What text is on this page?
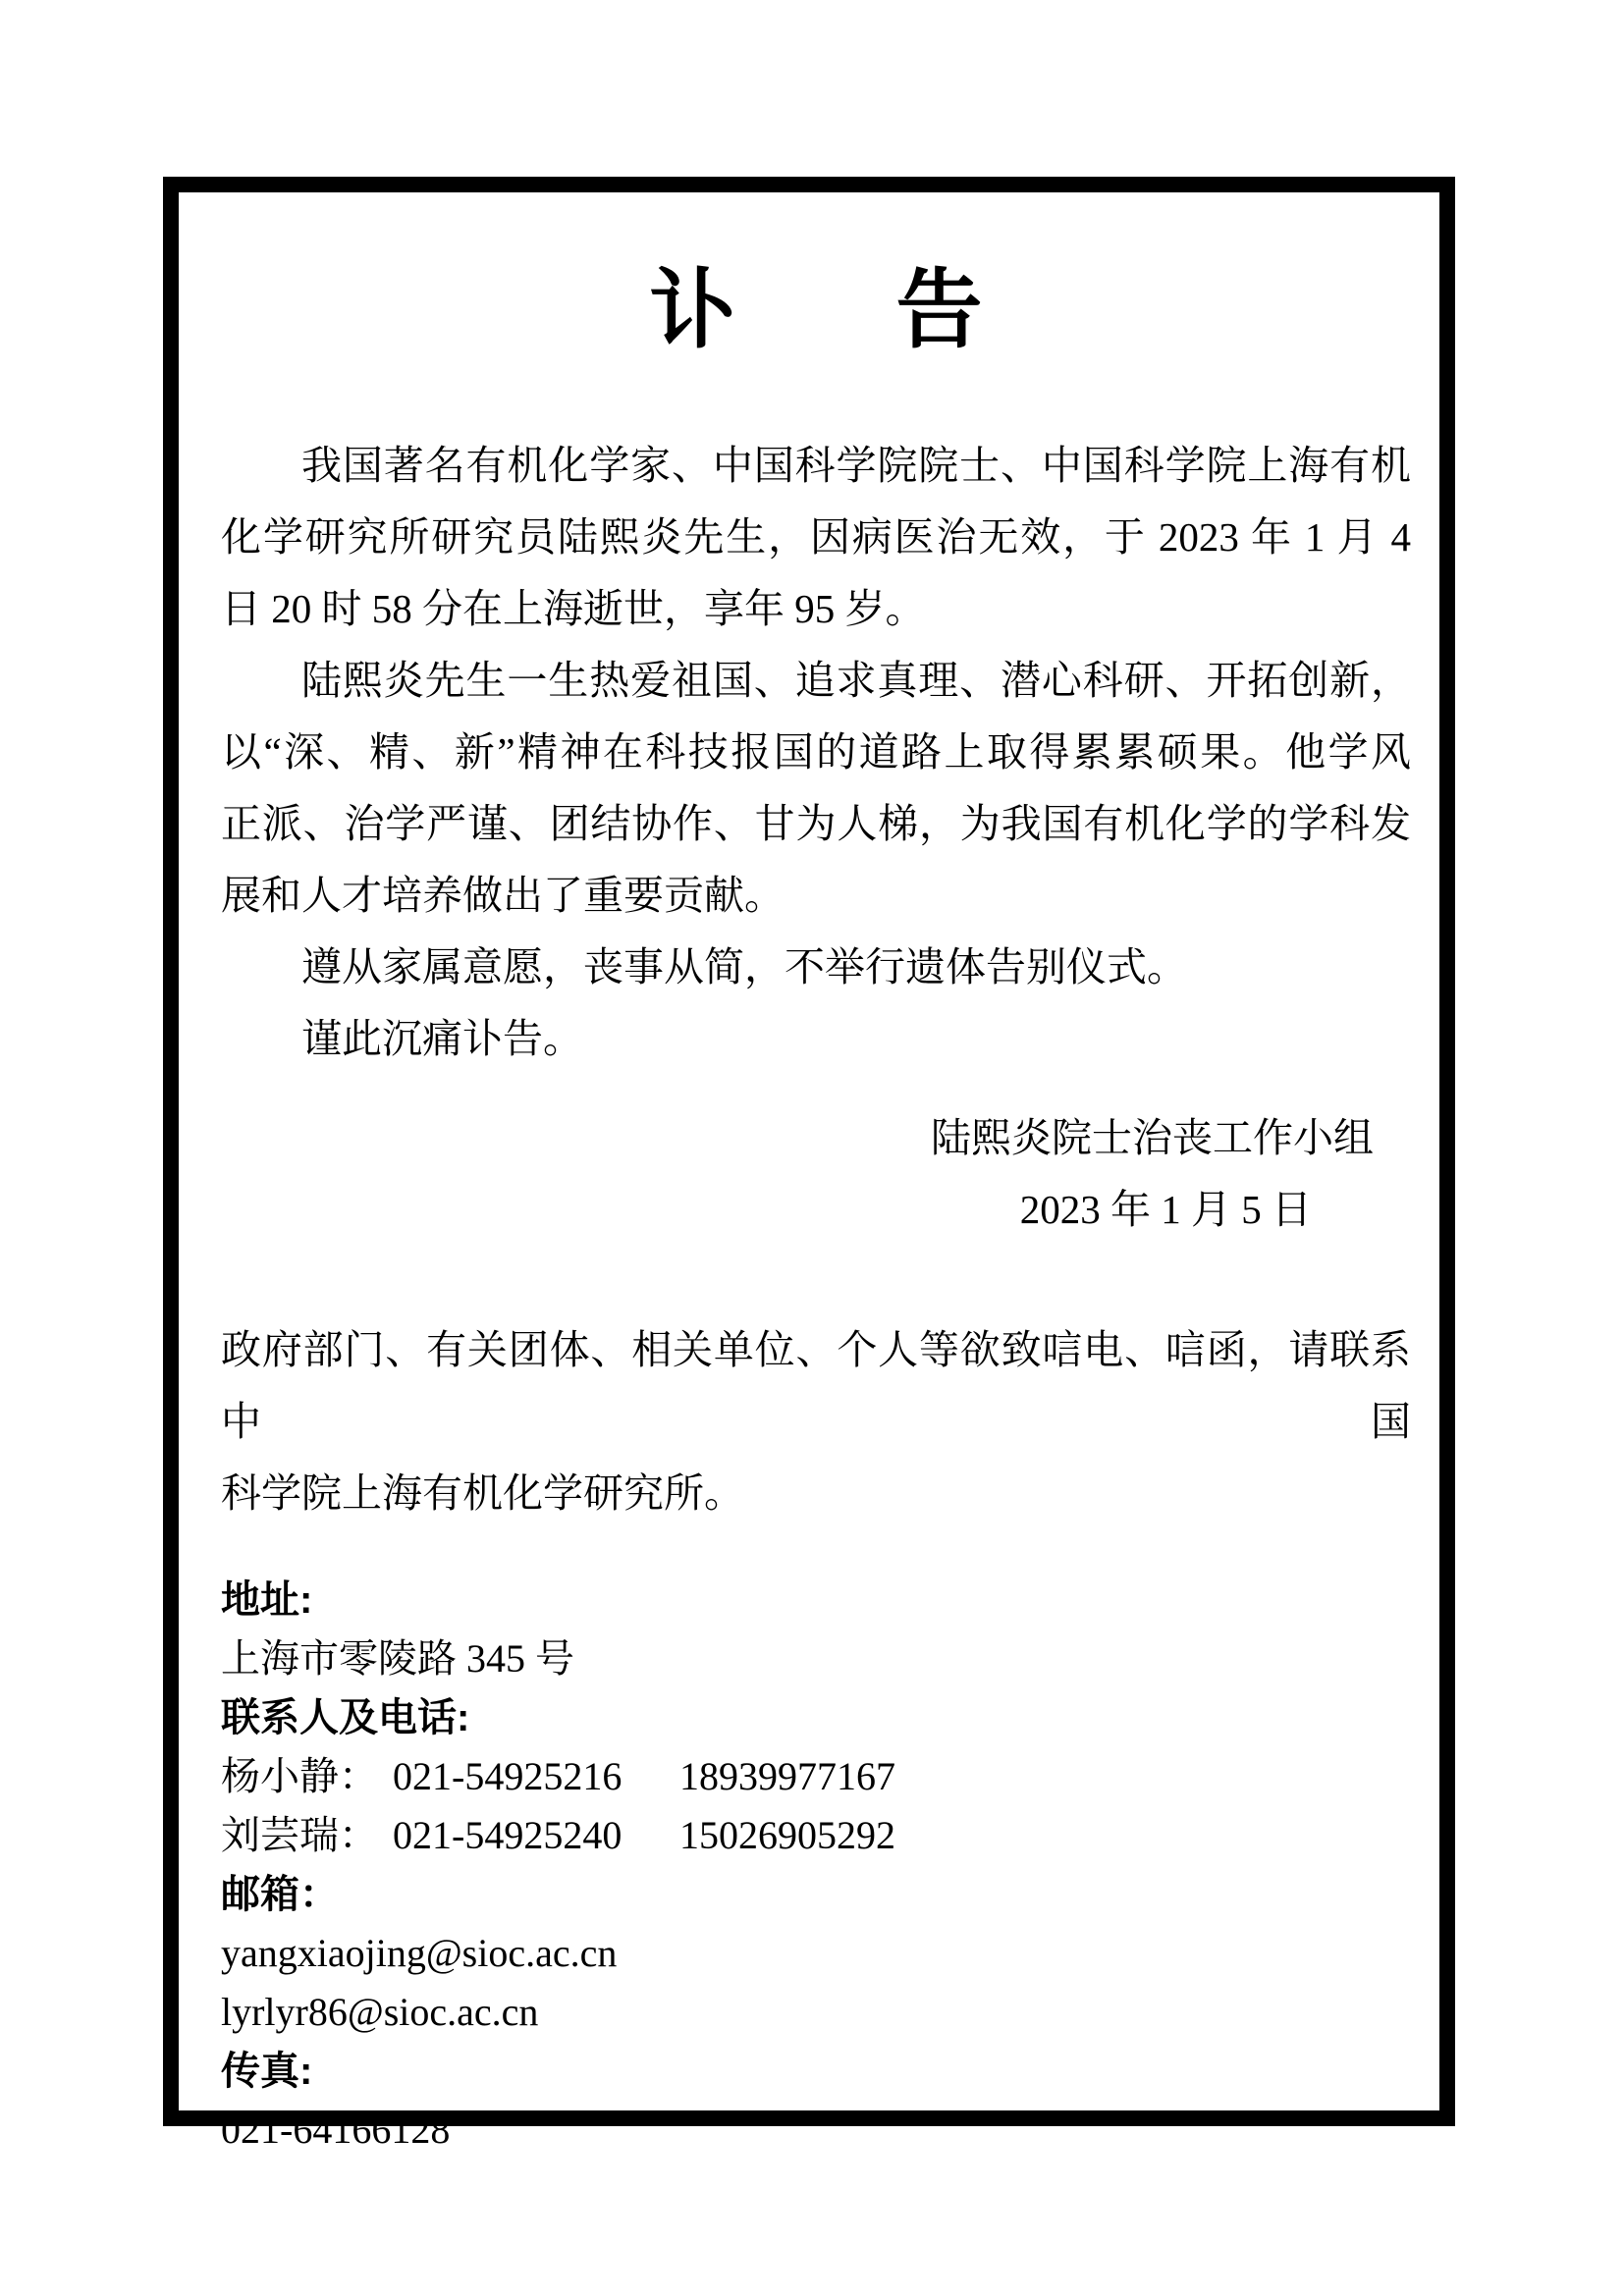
讣 告
我国著名有机化学家、中国科学院院士、中国科学院上海有机
化学研究所研究员陆熙炎先生，因病医治无效，于 2023 年 1 月 4
日 20 时 58 分在上海逝世，享年 95 岁。
陆熙炎先生一生热爱祖国、追求真理、潜心科研、开拓创新，
以“深、精、新”精神在科技报国的道路上取得累累硕果。他学风
正派、治学严谨、团结协作、甘为人梯，为我国有机化学的学科发
展和人才培养做出了重要贡献。
遵从家属意愿，丧事从简，不举行遗体告别仪式。
谨此沉痛讣告。
陆熙炎院士治丧工作小组
2023 年 1 月 5 日
政府部门、有关团体、相关单位、个人等欲致唁电、唁函，请联系中国
科学院上海有机化学研究所。
地址:
上海市零陵路 345 号
联系人及电话:
杨小静： 021-54925216	18939977167
刘芸瑞： 021-54925240	15026905292
邮箱：
yangxiaojing@sioc.ac.cn
lyrlyr86@sioc.ac.cn
传真:
021-64166128
